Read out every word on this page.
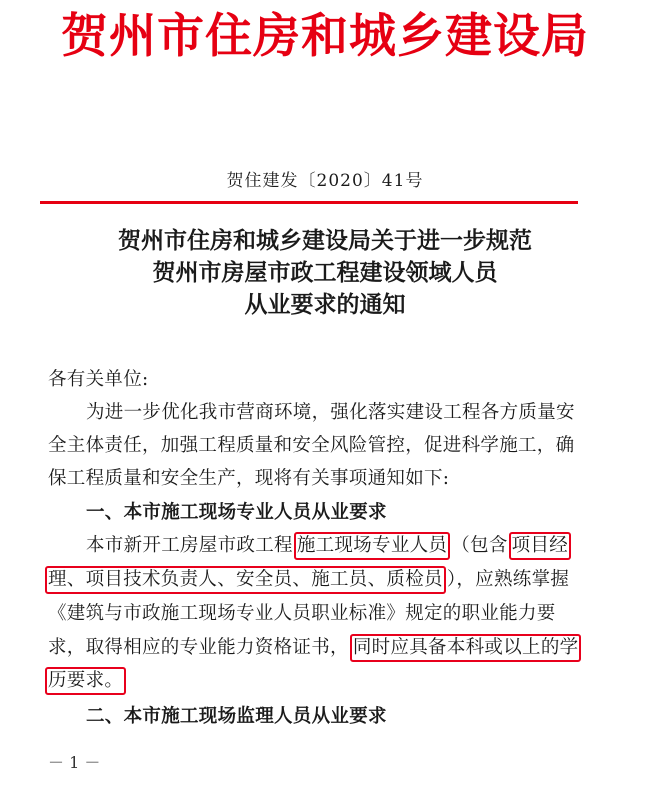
贺州市住房和城乡建设局
贺住建发〔2020〕41号
贺州市住房和城乡建设局关于进一步规范
贺州市房屋市政工程建设领域人员
从业要求的通知
各有关单位:
为进一步优化我市营商环境，强化落实建设工程各方质量安
全主体责任，加强工程质量和安全风险管控，促进科学施工，确
保工程质量和安全生产，现将有关事项通知如下:
一、本市施工现场专业人员从业要求
本市新开工房屋市政工程 施工现场专业人员 （包含 项目经
理、项目技术负责人、安全员、施工员、质检员 ），应熟练掌握
《建筑与市政施工现场专业人员职业标准》规定的职业能力要
求，取得相应的专业能力资格证书， 同时应具备本科或以上的学
历要求。
二、本市施工现场监理人员从业要求
－ 1 －
